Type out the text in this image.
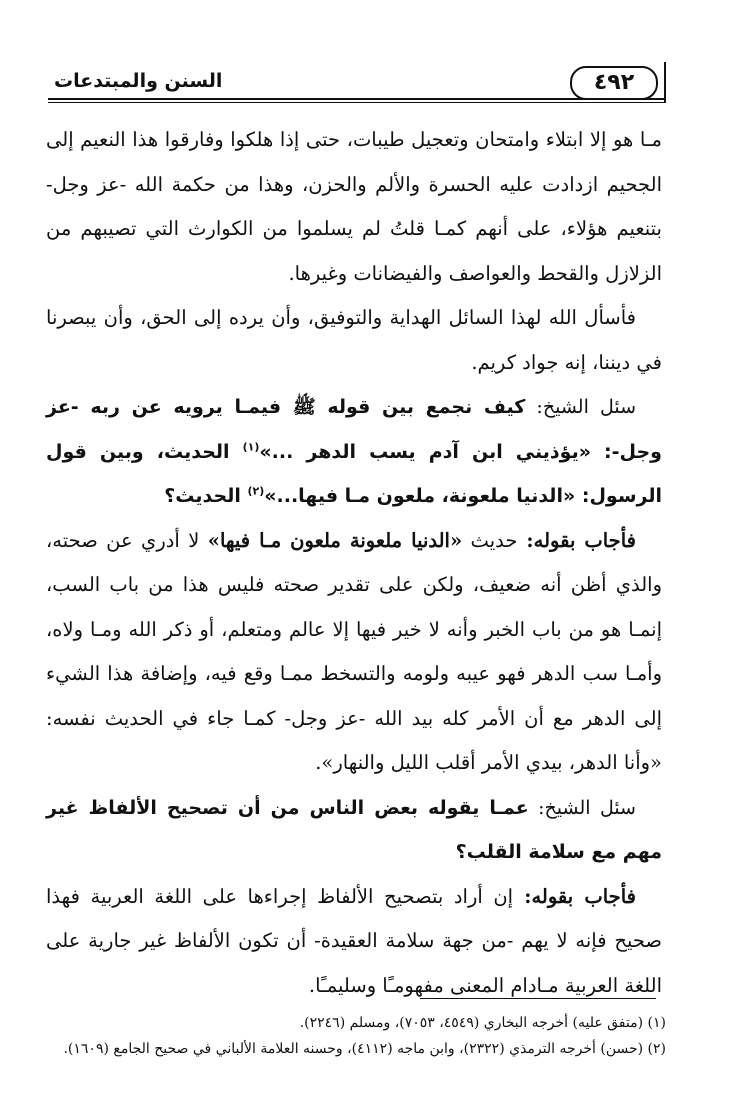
٤٩٢
السنن والمبتدعات

مـا هو إلا ابتلاء وامتحان وتعجيل طيبات، حتى إذا هلكوا وفارقوا هذا النعيم إلى الجحيم ازدادت عليه الحسرة والألم والحزن، وهذا من حكمة الله -عز وجل- بتنعيم هؤلاء، على أنهم كمـا قلتُ لم يسلموا من الكوارث التي تصيبهم من الزلازل والقحط والعواصف والفيضانات وغيرها.

فأسأل الله لهذا السائل الهداية والتوفيق، وأن يرده إلى الحق، وأن يبصرنا في ديننا، إنه جواد كريم.

سئل الشيخ: كيف نجمع بين قوله ﷺ فيمـا يرويه عن ربه -عز وجل-: «يؤذيني ابن آدم يسب الدهر ...»$^{(١)}$ الحديث، وبين قول الرسول: «الدنيا ملعونة، ملعون مـا فيها...»$^{(٢)}$ الحديث؟

فأجاب بقوله: حديث «الدنيا ملعونة ملعون مـا فيها» لا أدري عن صحته، والذي أظن أنه ضعيف، ولكن على تقدير صحته فليس هذا من باب السب، إنمـا هو من باب الخبر وأنه لا خير فيها إلا عالم ومتعلم، أو ذكر الله ومـا ولاه، وأمـا سب الدهر فهو عيبه ولومه والتسخط ممـا وقع فيه، وإضافة هذا الشيء إلى الدهر مع أن الأمر كله بيد الله -عز وجل- كمـا جاء في الحديث نفسه: «وأنا الدهر، بيدي الأمر أقلب الليل والنهار».

سئل الشيخ: عمـا يقوله بعض الناس من أن تصحيح الألفاظ غير مهم مع سلامة القلب؟

فأجاب بقوله: إن أراد بتصحيح الألفاظ إجراءها على اللغة العربية فهذا صحيح فإنه لا يهم -من جهة سلامة العقيدة- أن تكون الألفاظ غير جارية على اللغة العربية مـادام المعنى مفهومـًا وسليمـًا.

(١) (متفق عليه) أخرجه البخاري (٤٥٤٩، ٧٠٥٣)، ومسلم (٢٢٤٦).

(٢) (حسن) أخرجه الترمذي (٢٣٢٢)، وابن ماجه (٤١١٢)، وحسنه العلامة الألباني في صحيح الجامع (١٦٠٩).
